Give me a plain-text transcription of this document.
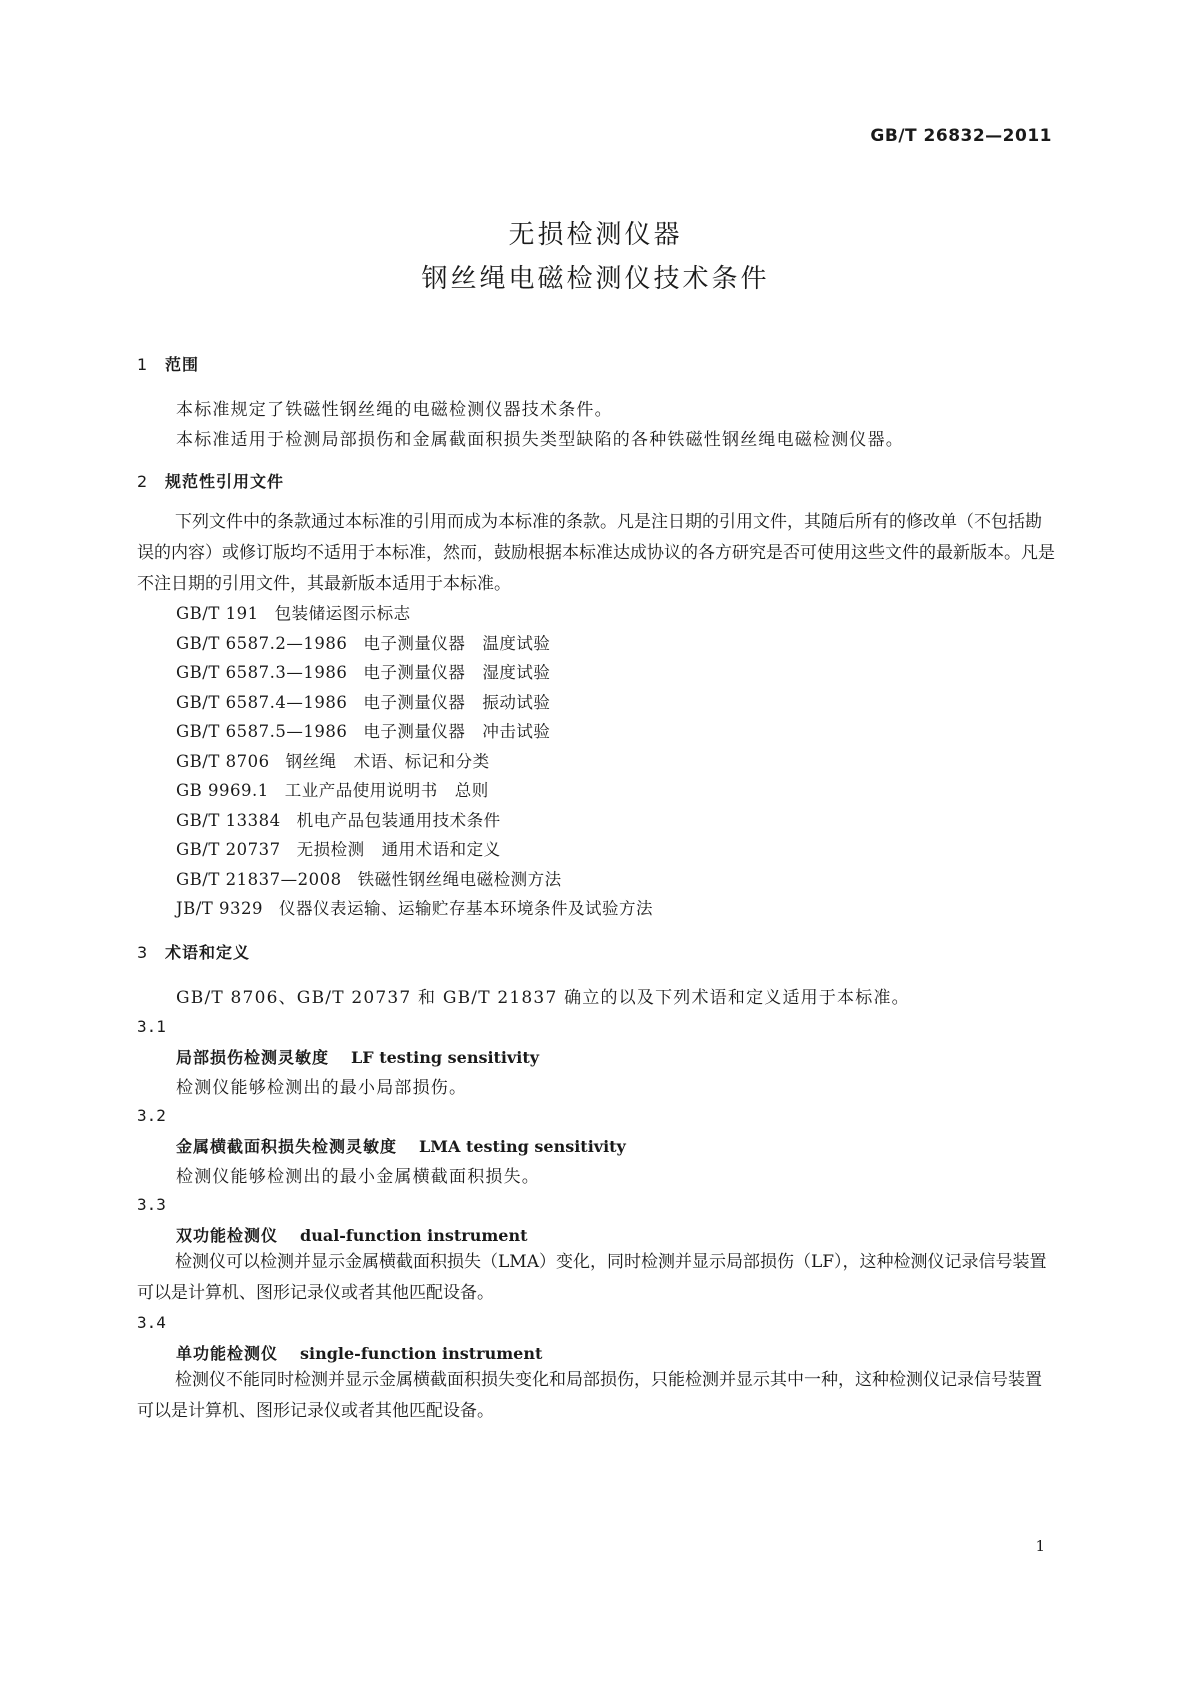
GB/T 26832—2011
无损检测仪器
钢丝绳电磁检测仪技术条件
1 范围

本标准规定了铁磁性钢丝绳的电磁检测仪器技术条件。

本标准适用于检测局部损伤和金属截面积损失类型缺陷的各种铁磁性钢丝绳电磁检测仪器。

2 规范性引用文件

下列文件中的条款通过本标准的引用而成为本标准的条款。凡是注日期的引用文件，其随后所有的修改单（不包括勘误的内容）或修订版均不适用于本标准，然而，鼓励根据本标准达成协议的各方研究是否可使用这些文件的最新版本。凡是不注日期的引用文件，其最新版本适用于本标准。

GB/T 191 包装储运图示标志
GB/T 6587.2—1986 电子测量仪器　温度试验
GB/T 6587.3—1986 电子测量仪器　湿度试验
GB/T 6587.4—1986 电子测量仪器　振动试验
GB/T 6587.5—1986 电子测量仪器　冲击试验
GB/T 8706 钢丝绳　术语、标记和分类
GB 9969.1 工业产品使用说明书　总则
GB/T 13384 机电产品包装通用技术条件
GB/T 20737 无损检测　通用术语和定义
GB/T 21837—2008 铁磁性钢丝绳电磁检测方法
JB/T 9329 仪器仪表运输、运输贮存基本环境条件及试验方法
3 术语和定义

GB/T 8706、GB/T 20737 和 GB/T 21837 确立的以及下列术语和定义适用于本标准。

3.1
局部损伤检测灵敏度 LF testing sensitivity

检测仪能够检测出的最小局部损伤。

3.2
金属横截面积损失检测灵敏度 LMA testing sensitivity

检测仪能够检测出的最小金属横截面积损失。

3.3
双功能检测仪 dual-function instrument

检测仪可以检测并显示金属横截面积损失（LMA）变化，同时检测并显示局部损伤（LF），这种检测仪记录信号装置可以是计算机、图形记录仪或者其他匹配设备。

3.4
单功能检测仪 single-function instrument

检测仪不能同时检测并显示金属横截面积损失变化和局部损伤，只能检测并显示其中一种，这种检测仪记录信号装置可以是计算机、图形记录仪或者其他匹配设备。

1
